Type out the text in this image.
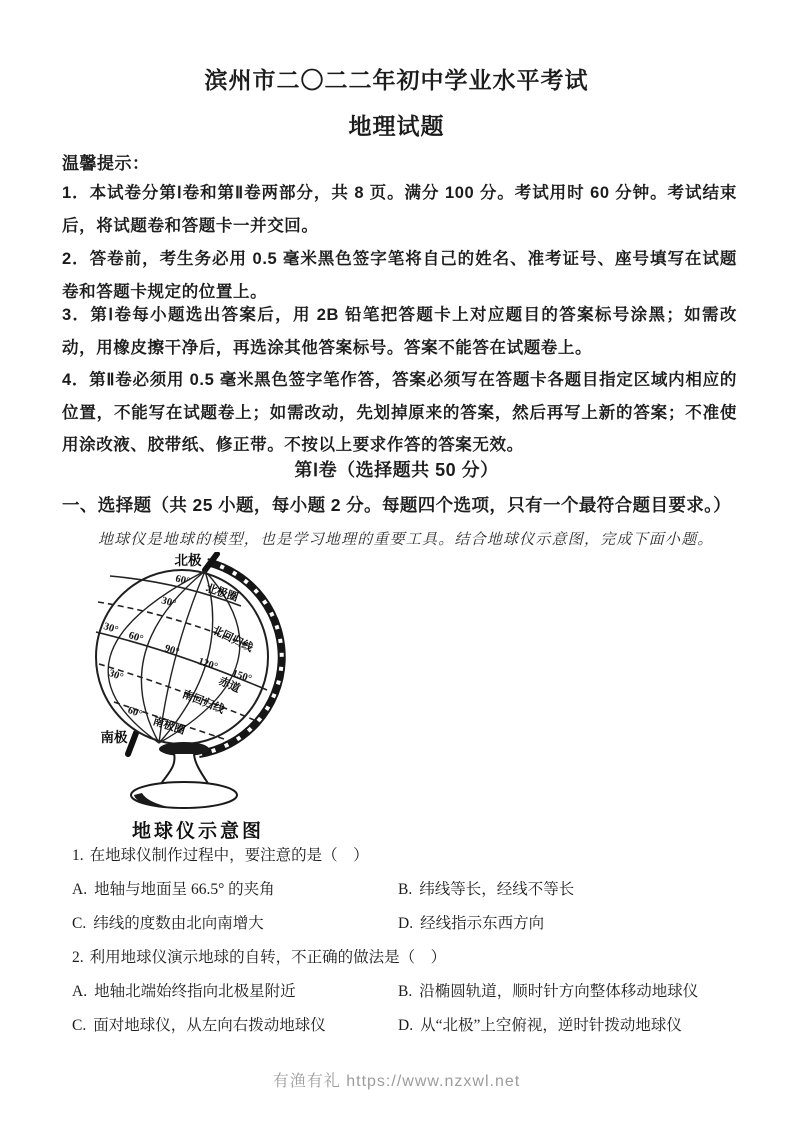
滨州市二〇二二年初中学业水平考试
地理试题
温馨提示：
1．本试卷分第Ⅰ卷和第Ⅱ卷两部分，共 8 页。满分 100 分。考试用时 60 分钟。考试结束后，将试题卷和答题卡一并交回。
2．答卷前，考生务必用 0.5 毫米黑色签字笔将自己的姓名、准考证号、座号填写在试题卷和答题卡规定的位置上。
3．第Ⅰ卷每小题选出答案后，用 2B 铅笔把答题卡上对应题目的答案标号涂黑；如需改动，用橡皮擦干净后，再选涂其他答案标号。答案不能答在试题卷上。
4．第Ⅱ卷必须用 0.5 毫米黑色签字笔作答，答案必须写在答题卡各题目指定区域内相应的位置，不能写在试题卷上；如需改动，先划掉原来的答案，然后再写上新的答案；不准使用涂改液、胶带纸、修正带。不按以上要求作答的答案无效。
第Ⅰ卷（选择题共 50 分）
一、选择题（共 25 小题，每小题 2 分。每题四个选项，只有一个最符合题目要求。）
地球仪是地球的模型，也是学习地理的重要工具。结合地球仪示意图，完成下面小题。
60°
北极圈
30°
北回归线
30°
60°
90°
120°
150°
赤道
30°
南回归线
60°
南极圈
北极
南极
地球仪示意图
1. 在地球仪制作过程中，要注意的是（　）
A. 地轴与地面呈 66.5° 的夹角	B. 纬线等长，经线不等长
C. 纬线的度数由北向南增大	D. 经线指示东西方向
2. 利用地球仪演示地球的自转，不正确的做法是（　）
A. 地轴北端始终指向北极星附近	B. 沿椭圆轨道，顺时针方向整体移动地球仪
C. 面对地球仪，从左向右拨动地球仪	D. 从“北极”上空俯视，逆时针拨动地球仪
有渔有礼 https://www.nzxwl.net
